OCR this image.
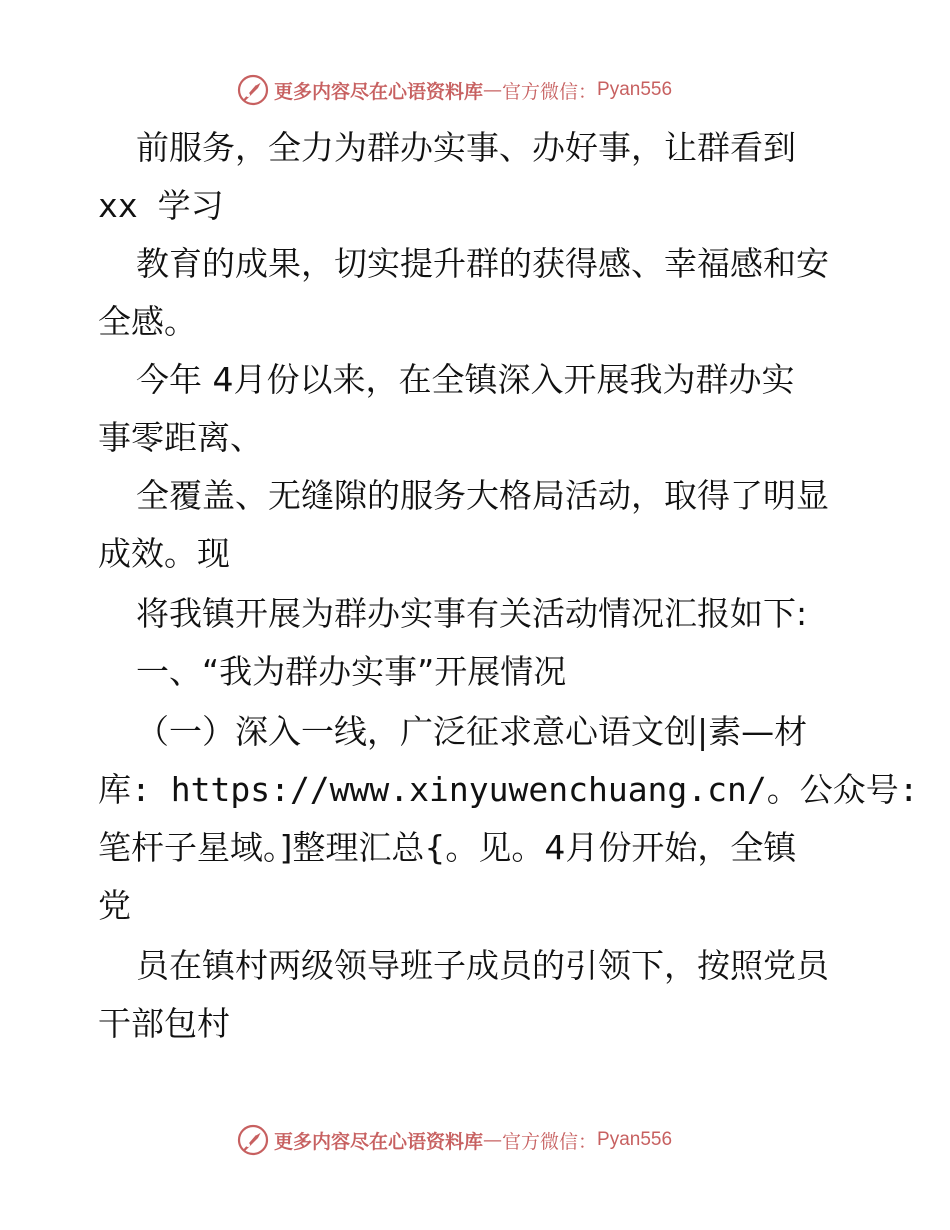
更多内容尽在心语资料库 — 官方微信： Pyan556
前服务，全力为群办实事、办好事，让群看到
xx 学习
教育的成果，切实提升群的获得感、幸福感和安
全感。
今年 4月份以来，在全镇深入开展我为群办实
事零距离、
全覆盖、无缝隙的服务大格局活动，取得了明显
成效。现
将我镇开展为群办实事有关活动情况汇报如下:
一、“我为群办实事”开展情况
（一）深入一线，广泛征求意心语文创|素—材
库: https://www.xinyuwenchuang.cn/。公众号:
笔杆子星域。]整理汇总{。见。4月份开始，全镇
党
员在镇村两级领导班子成员的引领下，按照党员
干部包村
更多内容尽在心语资料库 — 官方微信： Pyan556
